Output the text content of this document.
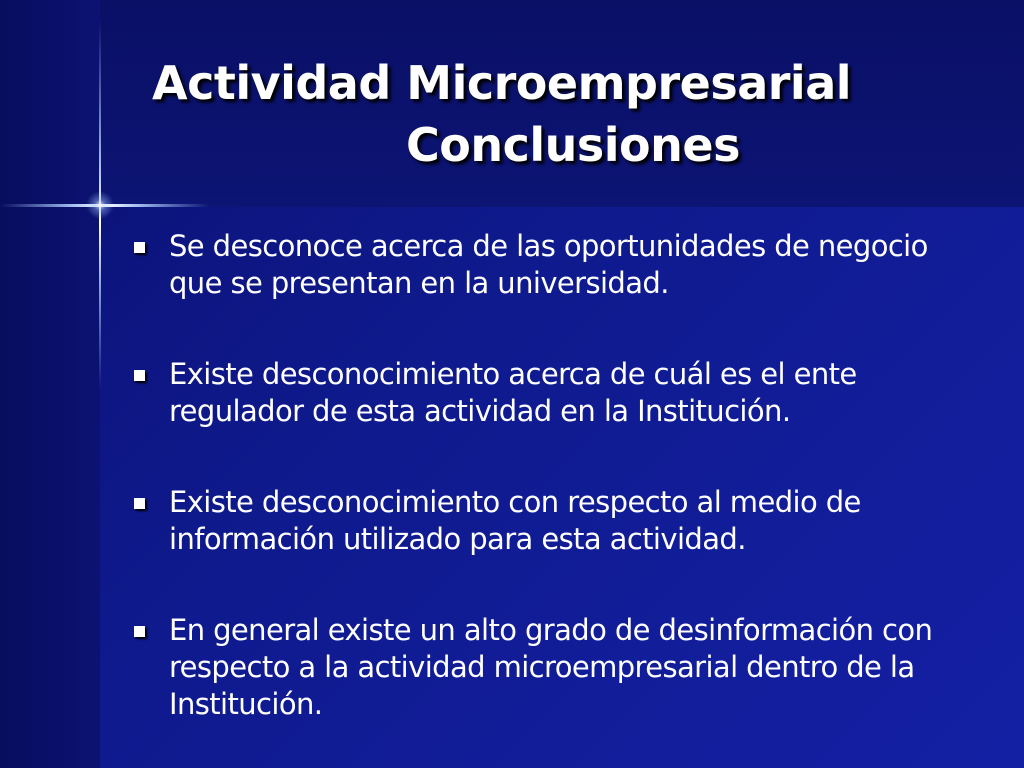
Actividad Microempresarial
Conclusiones
Se desconoce acerca de las oportunidades de negocio que se presentan en la universidad.
Existe desconocimiento acerca de cuál es el ente regulador de esta actividad en la Institución.
Existe desconocimiento con respecto al medio de información utilizado para esta actividad.
En general existe un alto grado de desinformación con respecto a la actividad microempresarial dentro de la Institución.
